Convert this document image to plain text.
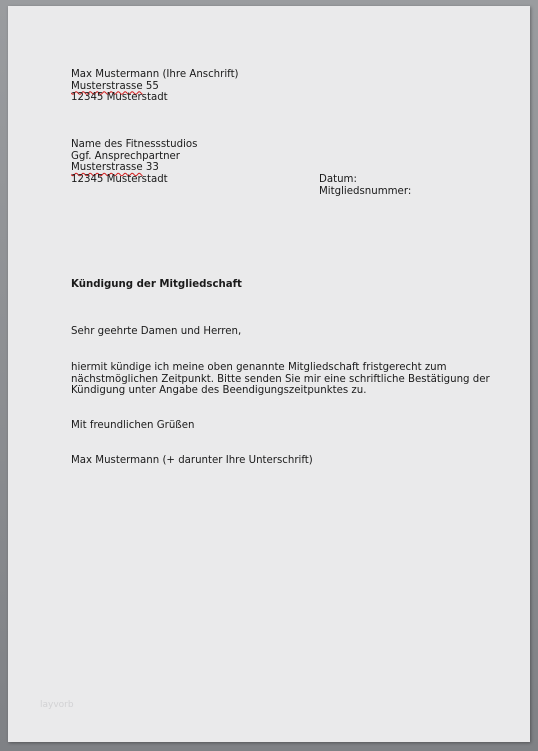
Max Mustermann (Ihre Anschrift)
Musterstrasse 55
12345 Musterstadt
Name des Fitnessstudios
Ggf. Ansprechpartner
Musterstrasse 33
12345 Musterstadt	Datum:
Mitgliedsnummer:
Kündigung der Mitgliedschaft
Sehr geehrte Damen und Herren,
hiermit kündige ich meine oben genannte Mitgliedschaft fristgerecht zum
nächstmöglichen Zeitpunkt. Bitte senden Sie mir eine schriftliche Bestätigung der
Kündigung unter Angabe des Beendigungszeitpunktes zu.
Mit freundlichen Grüßen
Max Mustermann (+ darunter Ihre Unterschrift)
layvorb
